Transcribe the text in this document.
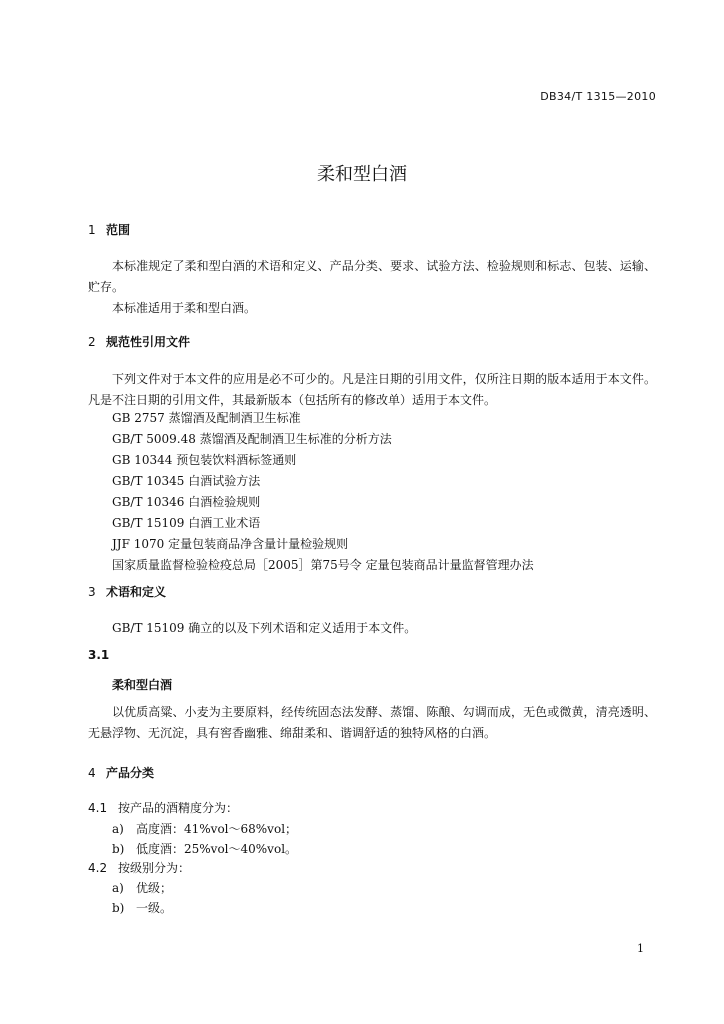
DB34/T 1315—2010
柔和型白酒
1 范围
本标准规定了柔和型白酒的术语和定义、产品分类、要求、试验方法、检验规则和标志、包装、运输、贮存。
本标准适用于柔和型白酒。
2 规范性引用文件
下列文件对于本文件的应用是必不可少的。凡是注日期的引用文件，仅所注日期的版本适用于本文件。凡是不注日期的引用文件，其最新版本（包括所有的修改单）适用于本文件。
GB 2757 蒸馏酒及配制酒卫生标准
GB/T 5009.48 蒸馏酒及配制酒卫生标准的分析方法
GB 10344 预包装饮料酒标签通则
GB/T 10345 白酒试验方法
GB/T 10346 白酒检验规则
GB/T 15109 白酒工业术语
JJF 1070 定量包装商品净含量计量检验规则
国家质量监督检验检疫总局［2005］第75号令 定量包装商品计量监督管理办法
3 术语和定义
GB/T 15109 确立的以及下列术语和定义适用于本文件。
3.1
柔和型白酒
以优质高粱、小麦为主要原料，经传统固态法发酵、蒸馏、陈酿、勾调而成，无色或微黄，清亮透明、无悬浮物、无沉淀，具有窖香幽雅、绵甜柔和、谐调舒适的独特风格的白酒。
4 产品分类
4.1 按产品的酒精度分为：
a) 高度酒：41%vol～68%vol；
b) 低度酒：25%vol～40%vol。
4.2 按级别分为：
a) 优级；
b) 一级。
1
